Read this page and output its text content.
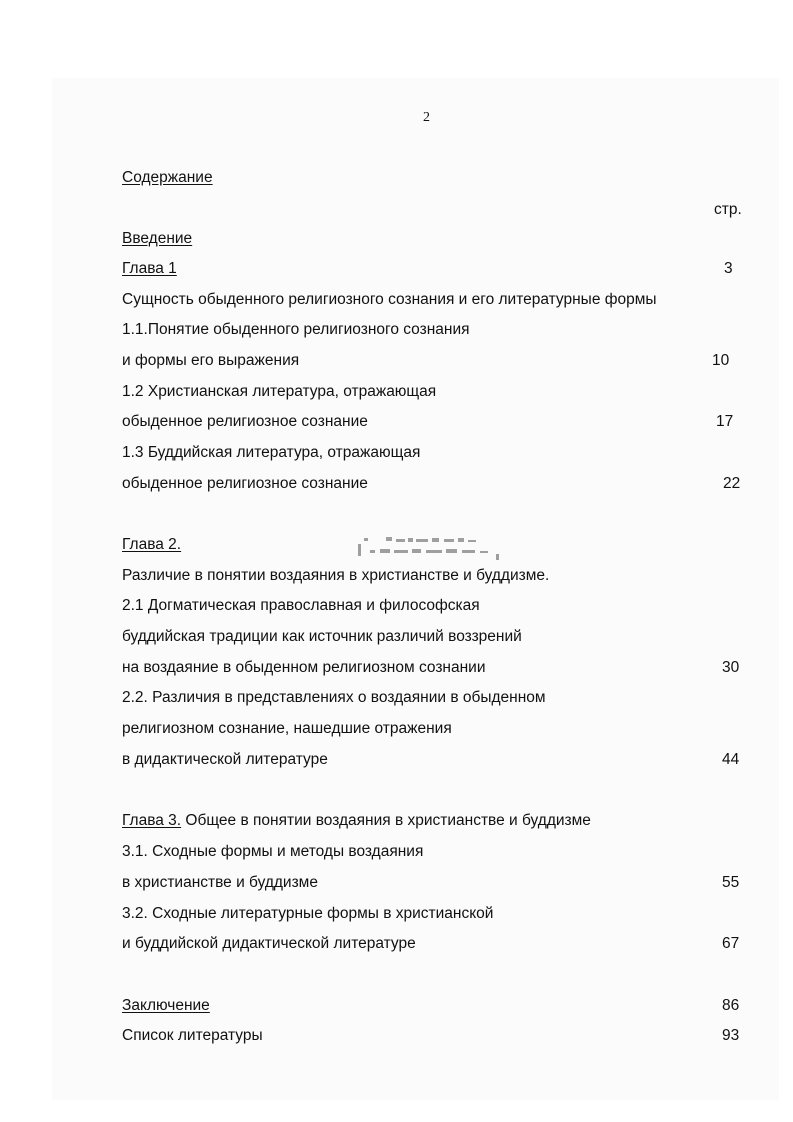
2
Содержание
стр.
Введение
Глава 1	3
Сущность обыденного религиозного сознания и его литературные формы
1.1.Понятие обыденного религиозного сознания
и формы его выражения	10
1.2 Христианская литература, отражающая
обыденное религиозное сознание	17
1.3 Буддийская литература, отражающая
обыденное религиозное сознание	22
Глава 2.
Различие в понятии воздаяния в христианстве и буддизме.
2.1 Догматическая православная и философская
буддийская традиции как источник различий воззрений
на воздаяние в обыденном религиозном сознании	30
2.2. Различия в представлениях о воздаянии в обыденном
религиозном сознание, нашедшие отражения
в дидактической литературе	44
Глава 3. Общее в понятии воздаяния в христианстве и буддизме
3.1. Сходные формы и методы воздаяния
в христианстве и буддизме	55
3.2. Сходные литературные формы в христианской
и буддийской дидактической литературе	67
Заключение	86
Список литературы	93
